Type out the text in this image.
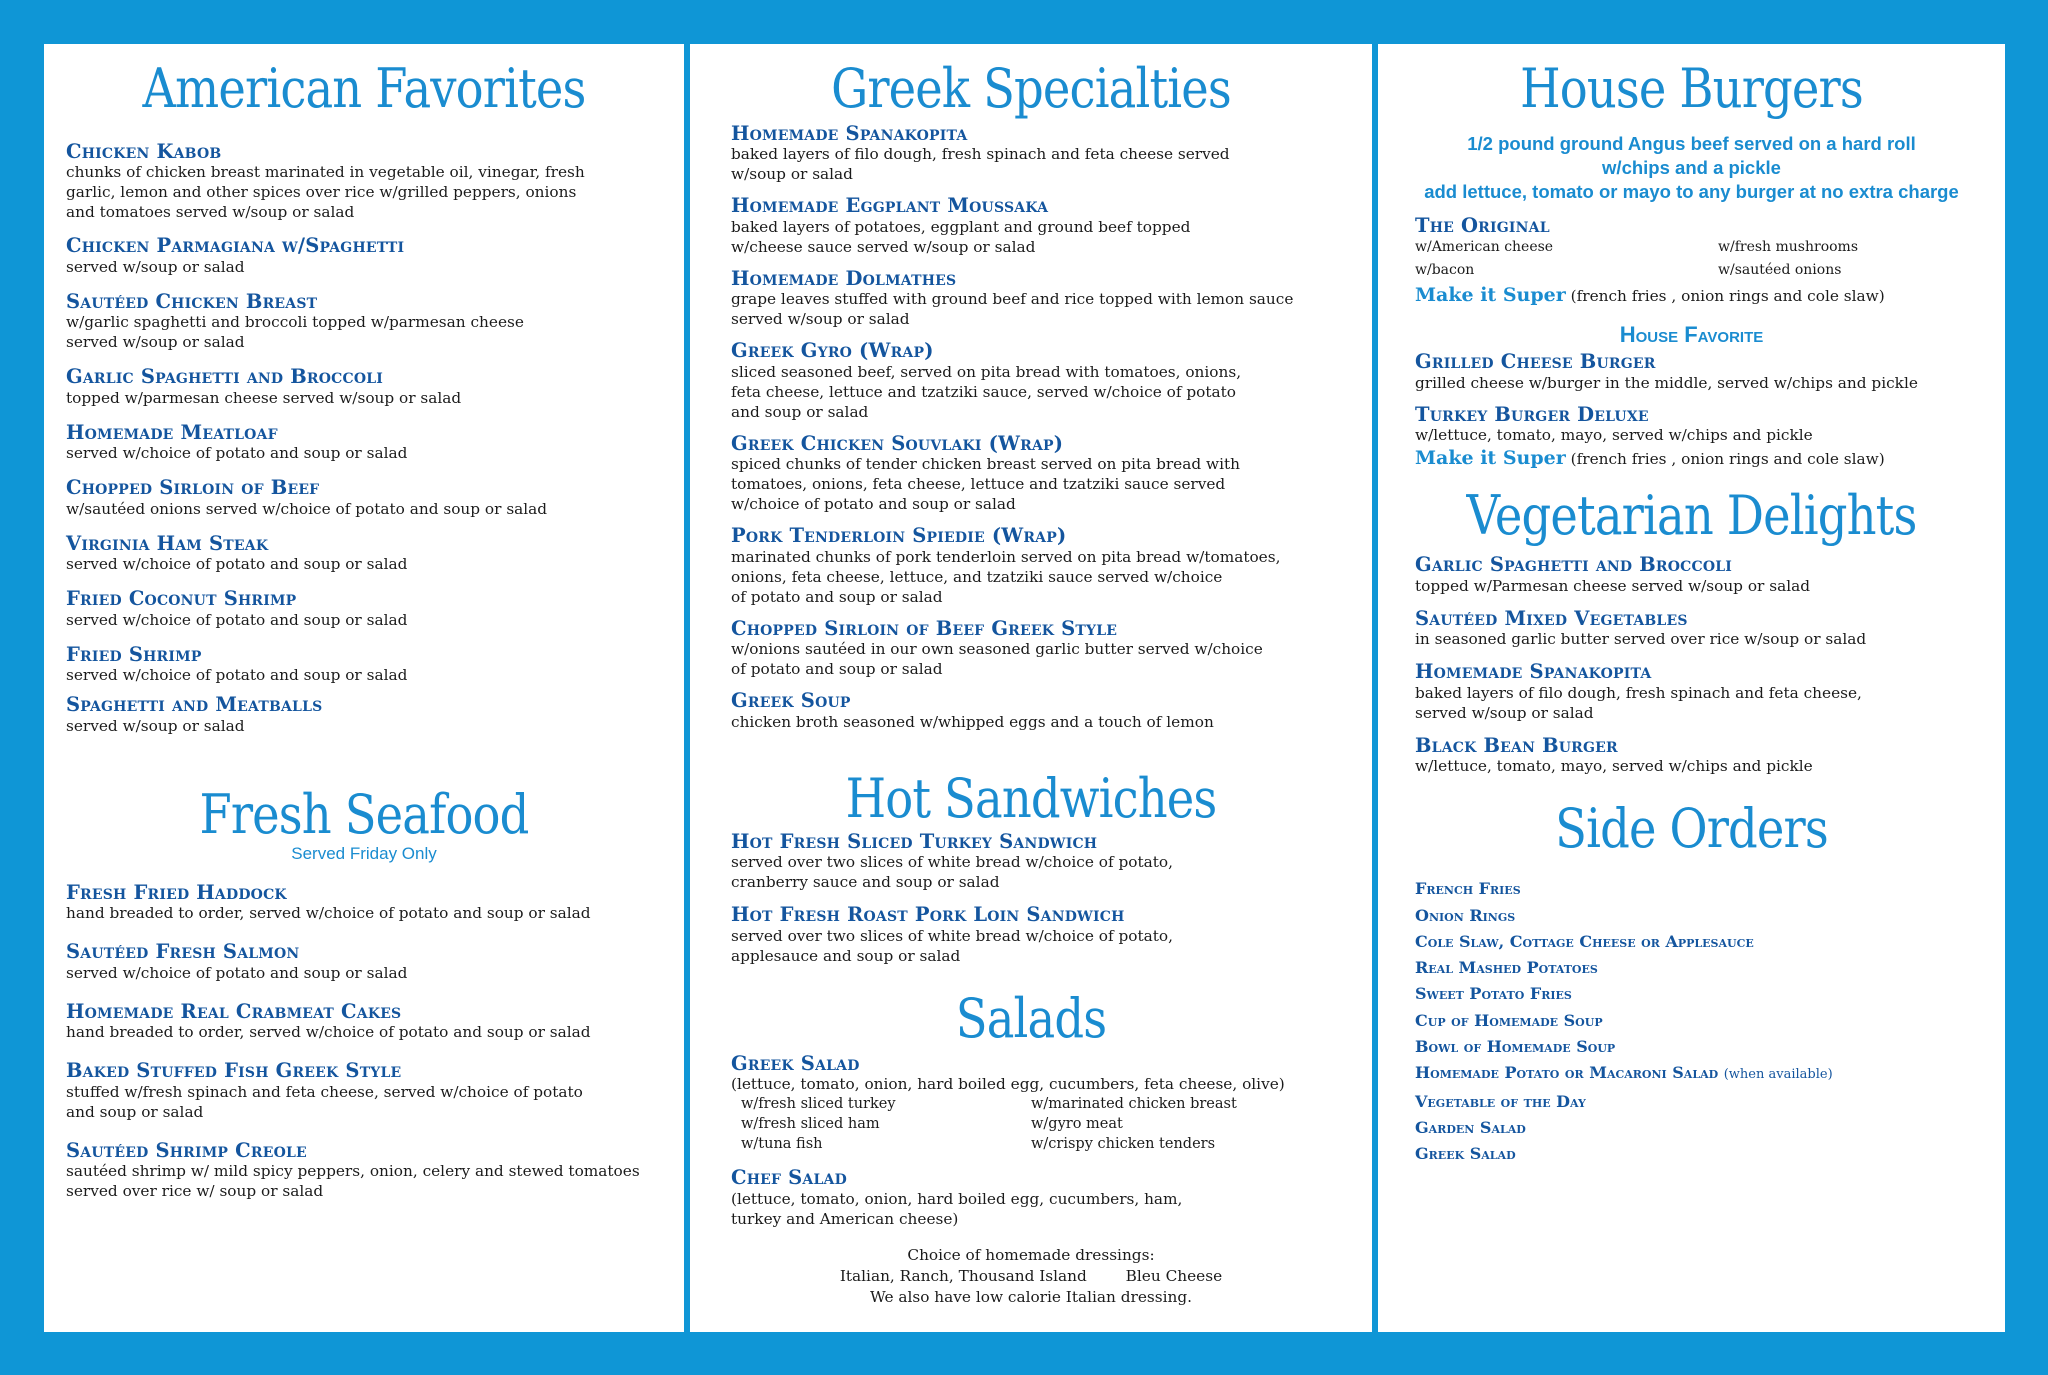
American Favorites

Chicken Kabob

chunks of chicken breast marinated in vegetable oil, vinegar, fresh
garlic, lemon and other spices over rice w/grilled peppers, onions
and tomatoes served w/soup or salad

Chicken Parmagiana w/Spaghetti

served w/soup or salad

Sautéed Chicken Breast

w/garlic spaghetti and broccoli topped w/parmesan cheese
served w/soup or salad

Garlic Spaghetti and Broccoli

topped w/parmesan cheese served w/soup or salad

Homemade Meatloaf

served w/choice of potato and soup or salad

Chopped Sirloin of Beef

w/sautéed onions served w/choice of potato and soup or salad

Virginia Ham Steak

served w/choice of potato and soup or salad

Fried Coconut Shrimp

served w/choice of potato and soup or salad

Fried Shrimp

served w/choice of potato and soup or salad

Spaghetti and Meatballs

served w/soup or salad

Fresh Seafood

Served Friday Only

Fresh Fried Haddock

hand breaded to order, served w/choice of potato and soup or salad

Sautéed Fresh Salmon

served w/choice of potato and soup or salad

Homemade Real Crabmeat Cakes

hand breaded to order, served w/choice of potato and soup or salad

Baked Stuffed Fish Greek Style

stuffed w/fresh spinach and feta cheese, served w/choice of potato
and soup or salad

Sautéed Shrimp Creole

sautéed shrimp w/ mild spicy peppers, onion, celery and stewed tomatoes
served over rice w/ soup or salad

Greek Specialties

Homemade Spanakopita

baked layers of filo dough, fresh spinach and feta cheese served
w/soup or salad

Homemade Eggplant Moussaka

baked layers of potatoes, eggplant and ground beef topped
w/cheese sauce served w/soup or salad

Homemade Dolmathes

grape leaves stuffed with ground beef and rice topped with lemon sauce
served w/soup or salad

Greek Gyro (Wrap)

sliced seasoned beef, served on pita bread with tomatoes, onions,
feta cheese, lettuce and tzatziki sauce, served w/choice of potato
and soup or salad

Greek Chicken Souvlaki (Wrap)

spiced chunks of tender chicken breast served on pita bread with
tomatoes, onions, feta cheese, lettuce and tzatziki sauce served
w/choice of potato and soup or salad

Pork Tenderloin Spiedie (Wrap)

marinated chunks of pork tenderloin served on pita bread w/tomatoes,
onions, feta cheese, lettuce, and tzatziki sauce served w/choice
of potato and soup or salad

Chopped Sirloin of Beef Greek Style

w/onions sautéed in our own seasoned garlic butter served w/choice
of potato and soup or salad

Greek Soup

chicken broth seasoned w/whipped eggs and a touch of lemon

Hot Sandwiches

Hot Fresh Sliced Turkey Sandwich

served over two slices of white bread w/choice of potato,
cranberry sauce and soup or salad

Hot Fresh Roast Pork Loin Sandwich

served over two slices of white bread w/choice of potato,
applesauce and soup or salad

Salads

Greek Salad

(lettuce, tomato, onion, hard boiled egg, cucumbers, feta cheese, olive)

w/fresh sliced turkey	w/marinated chicken breast
w/fresh sliced ham	w/gyro meat
w/tuna fish	w/crispy chicken tenders

Chef Salad

(lettuce, tomato, onion, hard boiled egg, cucumbers, ham,
turkey and American cheese)

Choice of homemade dressings:

Italian, Ranch, Thousand Island        Bleu Cheese

We also have low calorie Italian dressing.

House Burgers

1/2 pound ground Angus beef served on a hard roll
w/chips and a pickle
add lettuce, tomato or mayo to any burger at no extra charge

The Original

w/American cheese	w/fresh mushrooms
w/bacon	w/sautéed onions

Make it Super (french fries , onion rings and cole slaw)

House Favorite

Grilled Cheese Burger

grilled cheese w/burger in the middle, served w/chips and pickle

Turkey Burger Deluxe

w/lettuce, tomato, mayo, served w/chips and pickle

Make it Super (french fries , onion rings and cole slaw)

Vegetarian Delights

Garlic Spaghetti and Broccoli

topped w/Parmesan cheese served w/soup or salad

Sautéed Mixed Vegetables

in seasoned garlic butter served over rice w/soup or salad

Homemade Spanakopita

baked layers of filo dough, fresh spinach and feta cheese,
served w/soup or salad

Black Bean Burger

w/lettuce, tomato, mayo, served w/chips and pickle

Side Orders

French Fries

Onion Rings

Cole Slaw, Cottage Cheese or Applesauce

Real Mashed Potatoes

Sweet Potato Fries

Cup of Homemade Soup

Bowl of Homemade Soup

Homemade Potato or Macaroni Salad (when available)

Vegetable of the Day

Garden Salad

Greek Salad
